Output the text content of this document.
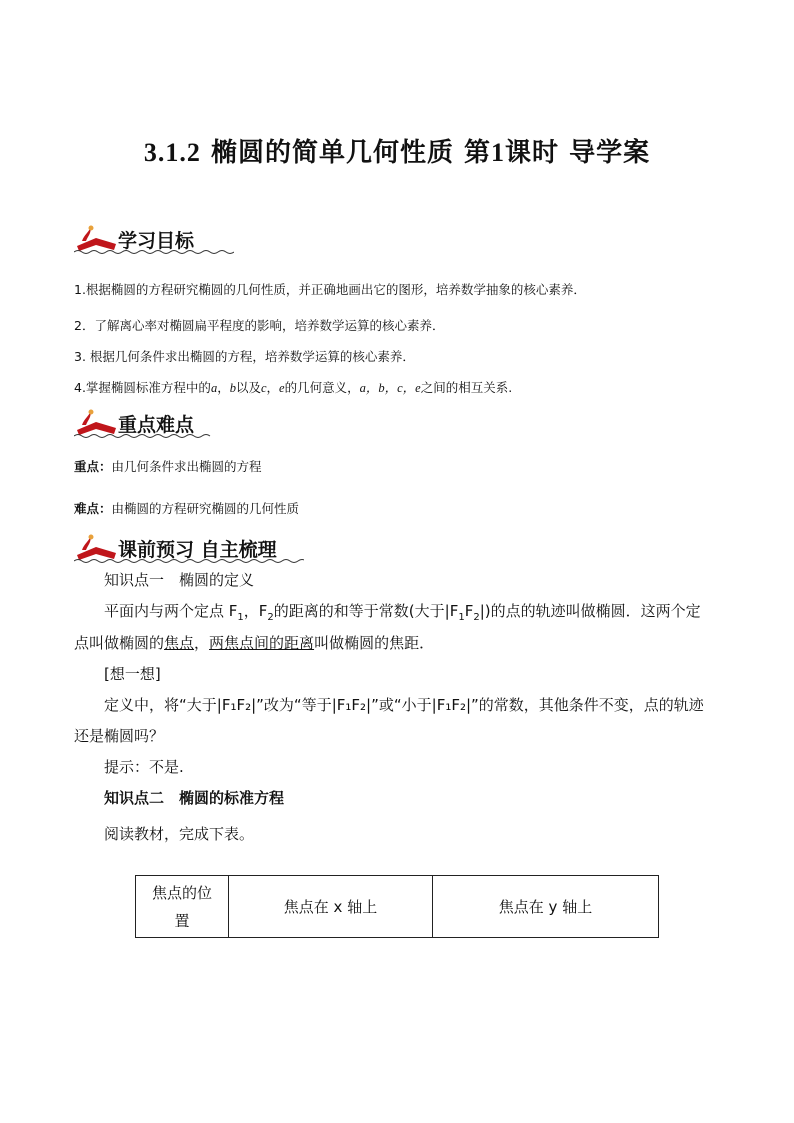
3.1.2 椭圆的简单几何性质 第1课时 导学案
学习目标
1.根据椭圆的方程研究椭圆的几何性质，并正确地画出它的图形，培养数学抽象的核心素养．
2．了解离心率对椭圆扁平程度的影响，培养数学运算的核心素养．
3. 根据几何条件求出椭圆的方程，培养数学运算的核心素养．
4.掌握椭圆标准方程中的a，b以及c，e的几何意义，a，b，c，e之间的相互关系.
重点难点
重点：由几何条件求出椭圆的方程
难点：由椭圆的方程研究椭圆的几何性质
课前预习 自主梳理
知识点一　椭圆的定义
平面内与两个定点 $F_1$，$F_2$的距离的和等于常数(大于$|F_1F_2|$)的点的轨迹叫做椭圆．这两个定
点叫做椭圆的焦点，两焦点间的距离叫做椭圆的焦距．
[想一想]
定义中，将“大于|F₁F₂|”改为“等于|F₁F₂|”或“小于|F₁F₂|”的常数，其他条件不变，点的轨迹
还是椭圆吗？
提示：不是.
知识点二　椭圆的标准方程
阅读教材，完成下表。
焦点的位
置
	焦点在 x 轴上	焦点在 y 轴上
